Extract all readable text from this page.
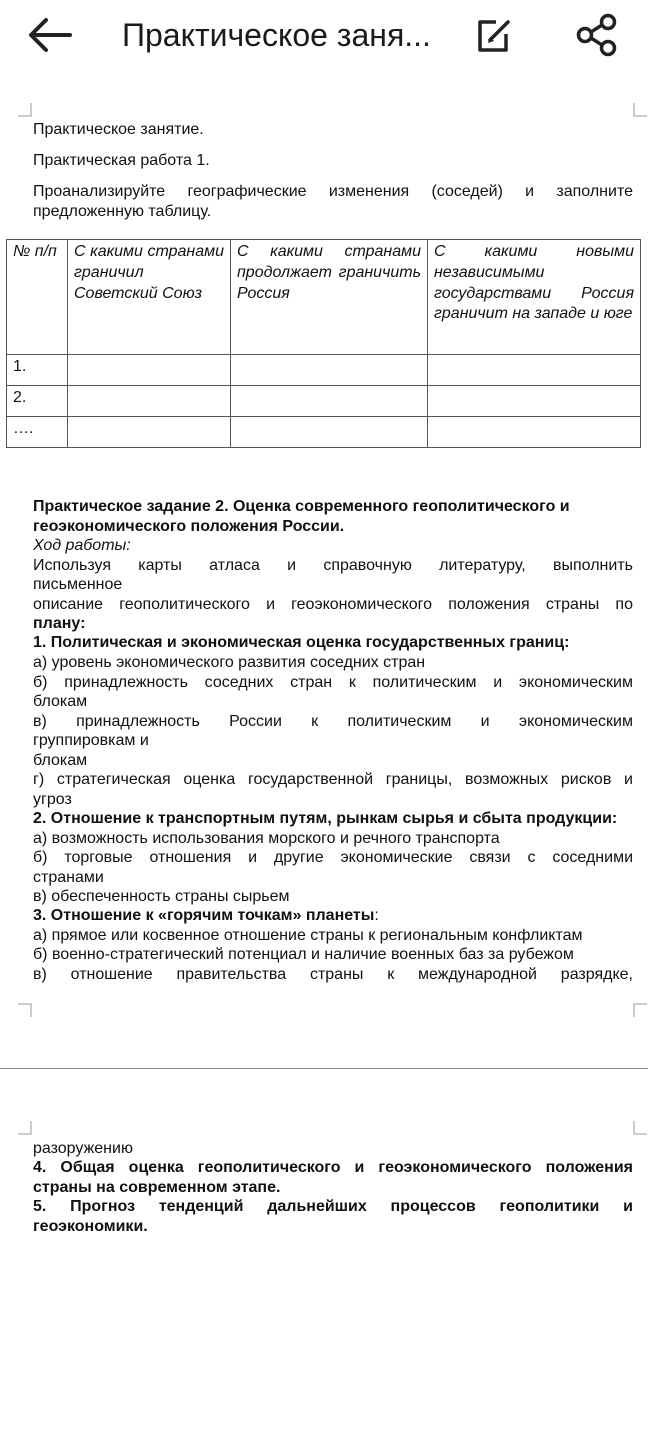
Практическое заня...
Практическое занятие.
Практическая работа 1.
Проанализируйте географические изменения (соседей) и заполните
предложенную таблицу.
№ п/п	С какими странами граничил Советский Союз	С какими странами продолжает граничить Россия	С какими новыми независимыми государствами Россия граничит на западе и юге
1.			
2.			
….			
Практическое задание 2. Оценка современного геополитического и
геоэкономического положения России.
Ход работы:
Используя карты атласа и справочную литературу, выполнить
письменное
описание геополитического и геоэкономического положения страны по
плану:
1. Политическая и экономическая оценка государственных границ:
а) уровень экономического развития соседних стран
б) принадлежность соседних стран к политическим и экономическим
блокам
в) принадлежность России к политическим и экономическим
группировкам и
блокам
г) стратегическая оценка государственной границы, возможных рисков и
угроз
2. Отношение к транспортным путям, рынкам сырья и сбыта продукции:
а) возможность использования морского и речного транспорта
б) торговые отношения и другие экономические связи с соседними
странами
в) обеспеченность страны сырьем
3. Отношение к «горячим точкам» планеты:
а) прямое или косвенное отношение страны к региональным конфликтам
б) военно-стратегический потенциал и наличие военных баз за рубежом
в) отношение правительства страны к международной разрядке,
разоружению
4. Общая оценка геополитического и геоэкономического положения
страны на современном этапе.
5. Прогноз тенденций дальнейших процессов геополитики и
геоэкономики.
